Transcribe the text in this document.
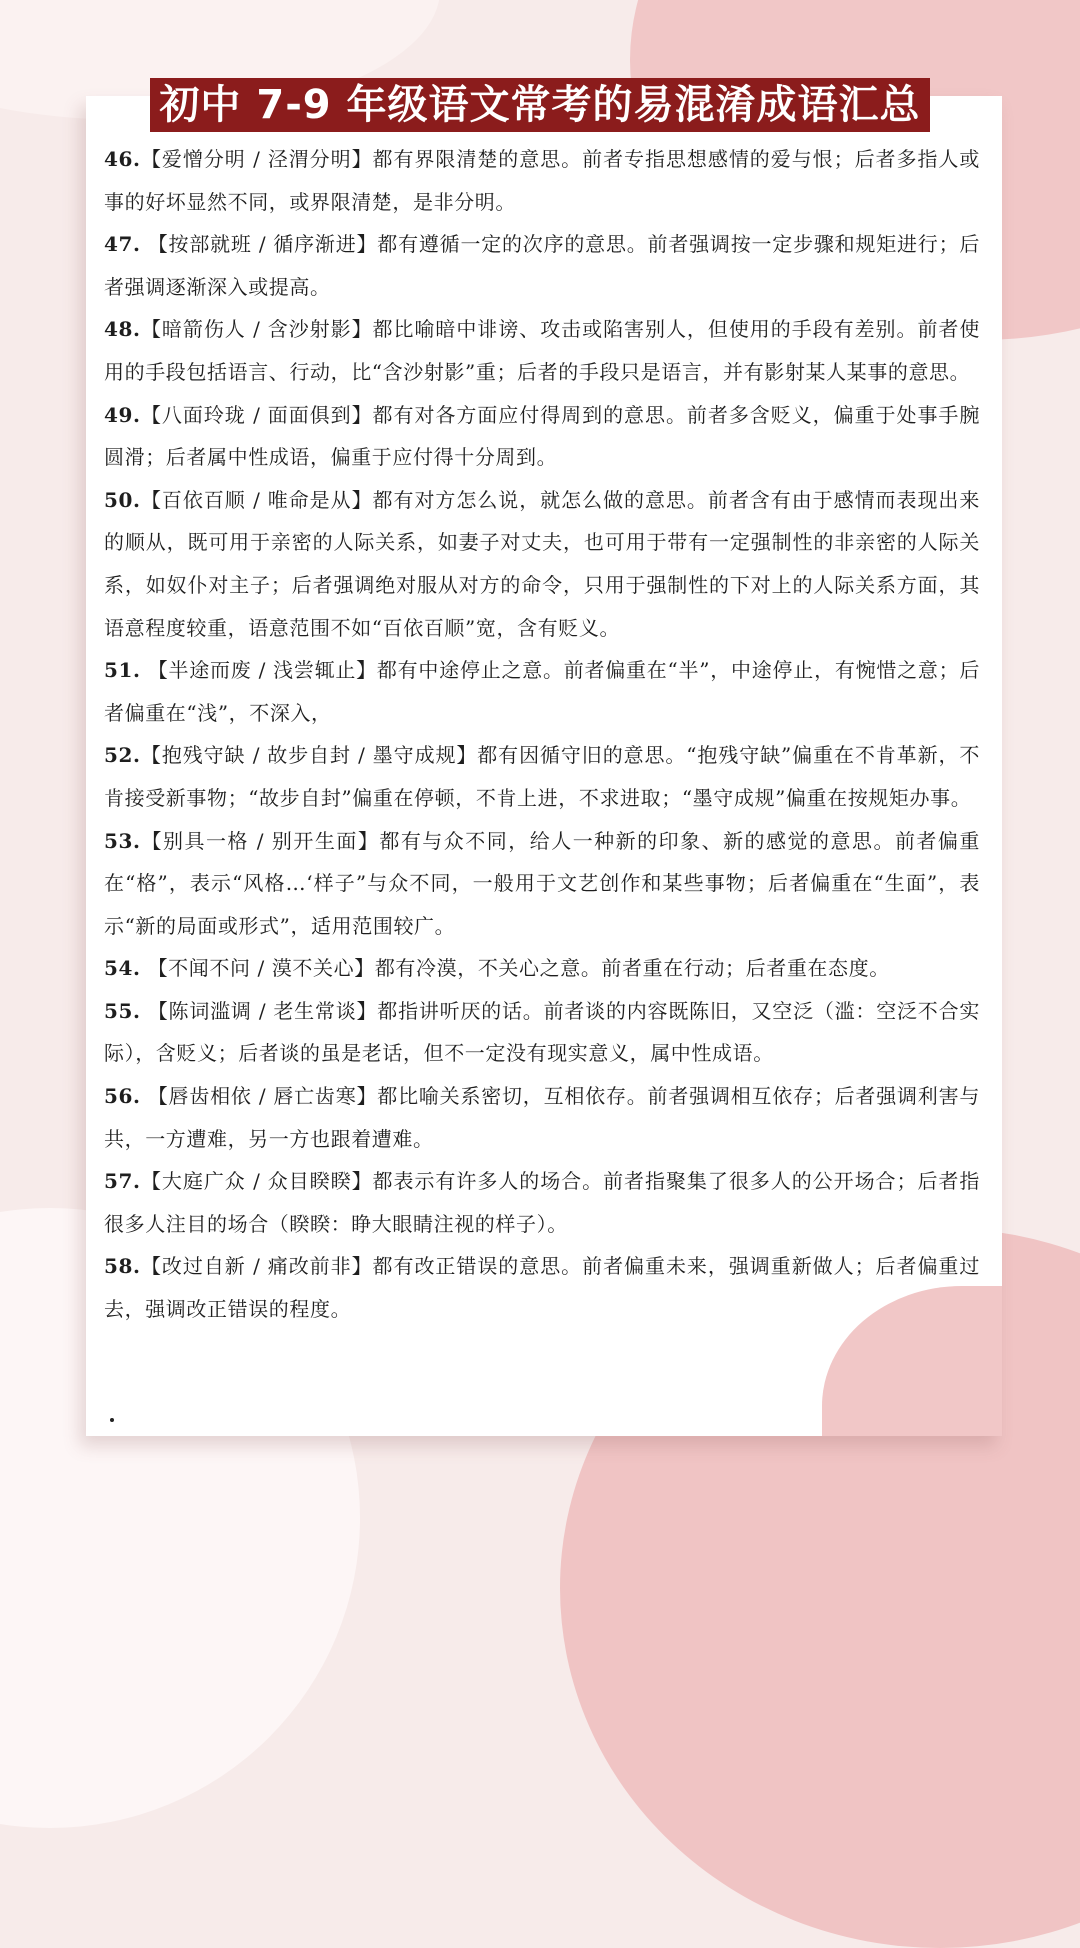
初中 7-9 年级语文常考的易混淆成语汇总

46.【爱憎分明 / 泾渭分明】都有界限清楚的意思。前者专指思想感情的爱与恨；后者多指人或事的好坏显然不同，或界限清楚，是非分明。

47. 【按部就班 / 循序渐进】都有遵循一定的次序的意思。前者强调按一定步骤和规矩进行；后者强调逐渐深入或提高。

48.【暗箭伤人 / 含沙射影】都比喻暗中诽谤、攻击或陷害别人，但使用的手段有差别。前者使用的手段包括语言、行动，比“含沙射影”重；后者的手段只是语言，并有影射某人某事的意思。

49.【八面玲珑 / 面面俱到】都有对各方面应付得周到的意思。前者多含贬义，偏重于处事手腕圆滑；后者属中性成语，偏重于应付得十分周到。

50.【百依百顺 / 唯命是从】都有对方怎么说，就怎么做的意思。前者含有由于感情而表现出来的顺从，既可用于亲密的人际关系，如妻子对丈夫，也可用于带有一定强制性的非亲密的人际关系，如奴仆对主子；后者强调绝对服从对方的命令，只用于强制性的下对上的人际关系方面，其语意程度较重，语意范围不如“百依百顺”宽，含有贬义。

51. 【半途而废 / 浅尝辄止】都有中途停止之意。前者偏重在“半”，中途停止，有惋惜之意；后者偏重在“浅”，不深入，

52.【抱残守缺 / 故步自封 / 墨守成规】都有因循守旧的意思。“抱残守缺”偏重在不肯革新，不肯接受新事物；“故步自封”偏重在停顿，不肯上进，不求进取；“墨守成规”偏重在按规矩办事。

53.【别具一格 / 别开生面】都有与众不同，给人一种新的印象、新的感觉的意思。前者偏重在“格”，表示“风格…‘样子”与众不同，一般用于文艺创作和某些事物；后者偏重在“生面”，表示“新的局面或形式”，适用范围较广。

54. 【不闻不问 / 漠不关心】都有冷漠，不关心之意。前者重在行动；后者重在态度。

55. 【陈词滥调 / 老生常谈】都指讲听厌的话。前者谈的内容既陈旧，又空泛（滥：空泛不合实际），含贬义；后者谈的虽是老话，但不一定没有现实意义，属中性成语。

56. 【唇齿相依 / 唇亡齿寒】都比喻关系密切，互相依存。前者强调相互依存；后者强调利害与共，一方遭难，另一方也跟着遭难。

57.【大庭广众 / 众目睽睽】都表示有许多人的场合。前者指聚集了很多人的公开场合；后者指很多人注目的场合（睽睽：睁大眼睛注视的样子）。

58.【改过自新 / 痛改前非】都有改正错误的意思。前者偏重未来，强调重新做人；后者偏重过去，强调改正错误的程度。
